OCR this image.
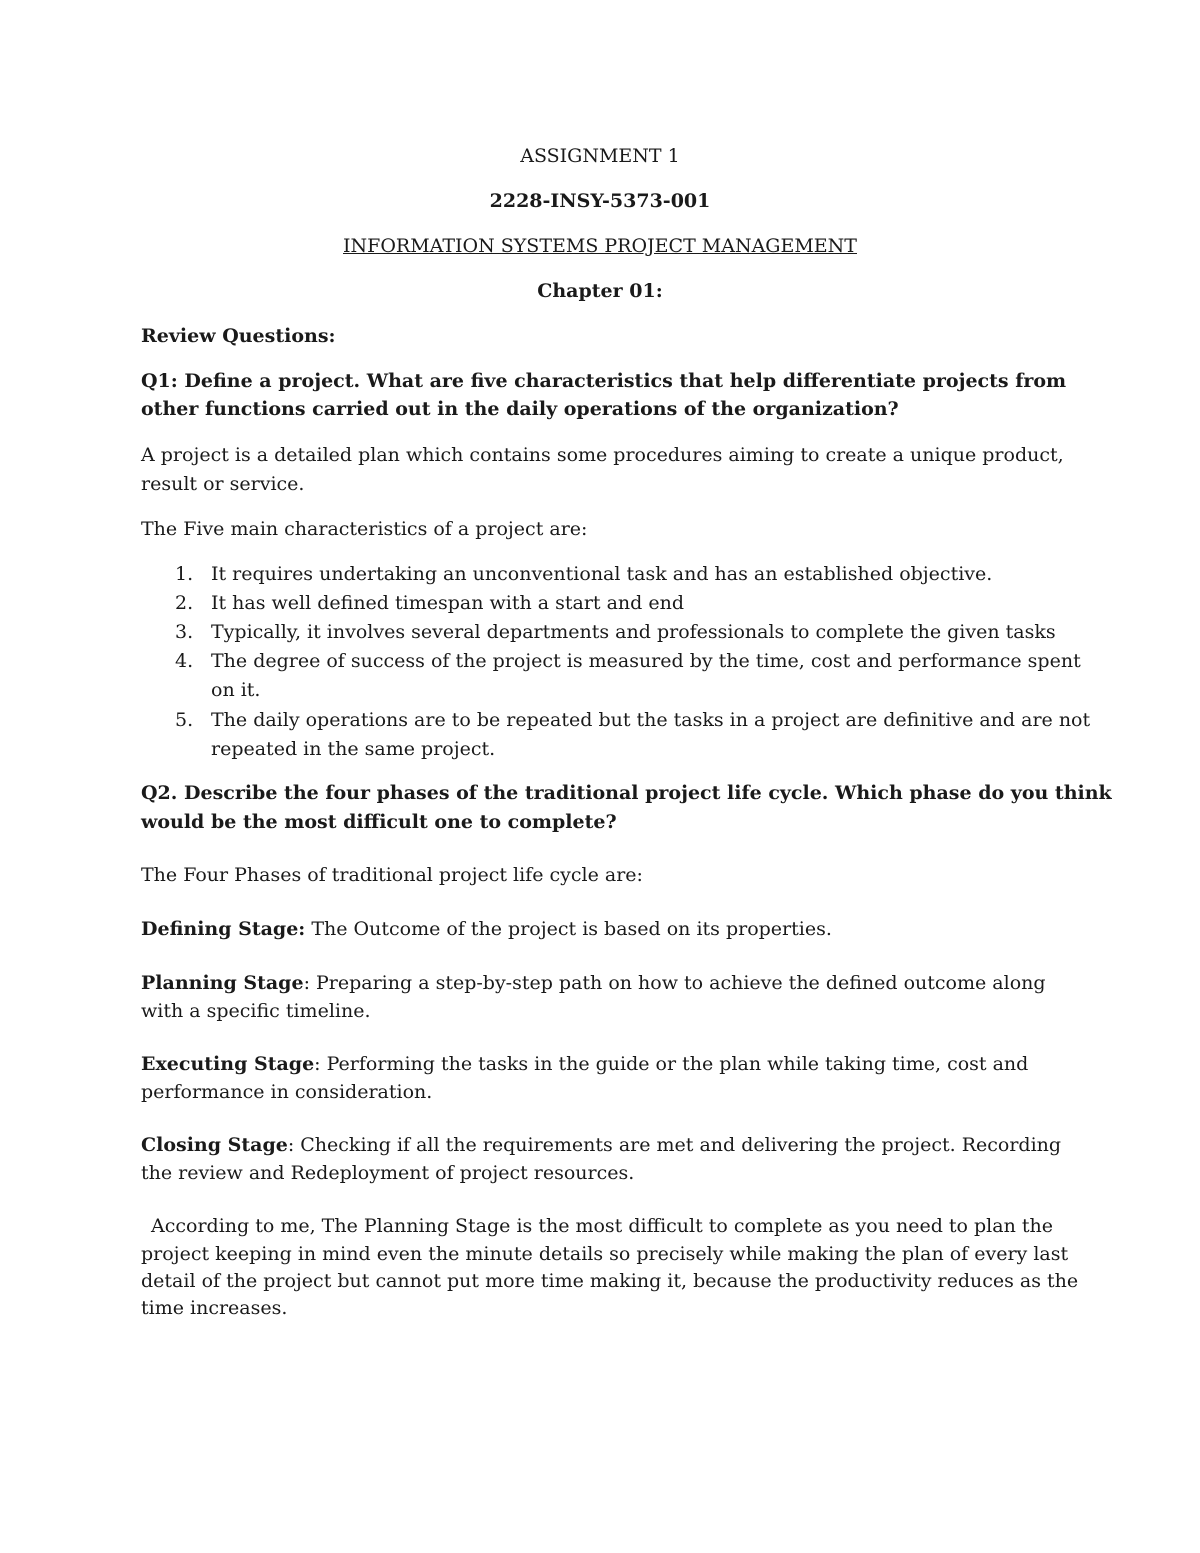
ASSIGNMENT 1

2228-INSY-5373-001

INFORMATION SYSTEMS PROJECT MANAGEMENT

Chapter 01:

Review Questions:

Q1: Define a project. What are five characteristics that help differentiate projects from

other functions carried out in the daily operations of the organization?

A project is a detailed plan which contains some procedures aiming to create a unique product,

result or service.

The Five main characteristics of a project are:

1. It requires undertaking an unconventional task and has an established objective.
2. It has well defined timespan with a start and end
3. Typically, it involves several departments and professionals to complete the given tasks
4. The degree of success of the project is measured by the time, cost and performance spent
on it.
5. The daily operations are to be repeated but the tasks in a project are definitive and are not
repeated in the same project.

Q2. Describe the four phases of the traditional project life cycle. Which phase do you think

would be the most difficult one to complete?

The Four Phases of traditional project life cycle are:

Defining Stage: The Outcome of the project is based on its properties.
Planning Stage: Preparing a step-by-step path on how to achieve the defined outcome along

with a specific timeline.

Executing Stage: Performing the tasks in the guide or the plan while taking time, cost and

performance in consideration.

Closing Stage: Checking if all the requirements are met and delivering the project. Recording

the review and Redeployment of project resources.

According to me, The Planning Stage is the most difficult to complete as you need to plan the

project keeping in mind even the minute details so precisely while making the plan of every last

detail of the project but cannot put more time making it, because the productivity reduces as the

time increases.
